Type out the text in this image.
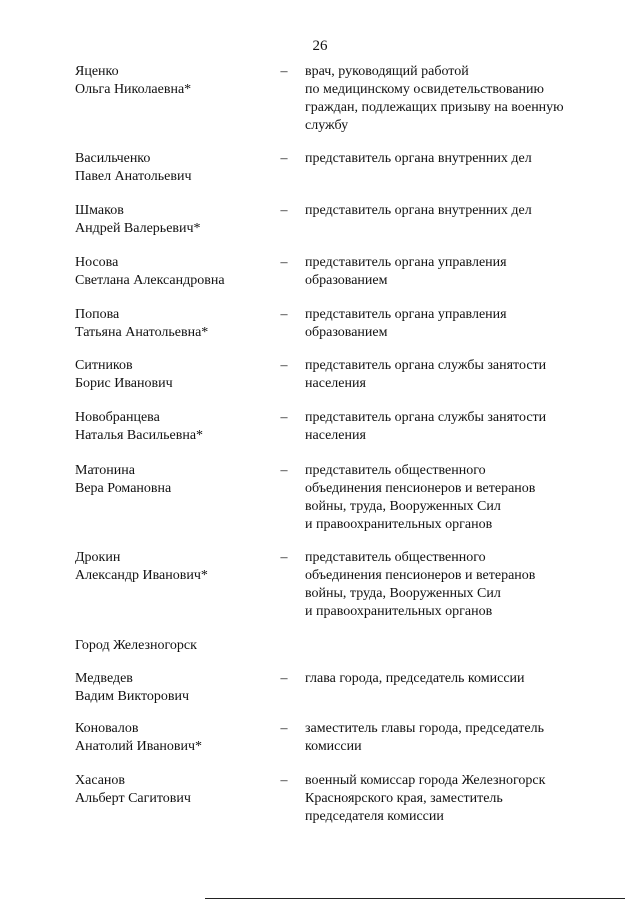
26
Яценко
Ольга Николаевна*
– врач, руководящий работой
по медицинскому освидетельствованию
граждан, подлежащих призыву на военную
службу
Васильченко
Павел Анатольевич
– представитель органа внутренних дел
Шмаков
Андрей Валерьевич*
– представитель органа внутренних дел
Носова
Светлана Александровна
– представитель органа управления
образованием
Попова
Татьяна Анатольевна*
– представитель органа управления
образованием
Ситников
Борис Иванович
– представитель органа службы занятости
населения
Новобранцева
Наталья Васильевна*
– представитель органа службы занятости
населения
Матонина
Вера Романовна
– представитель общественного
объединения пенсионеров и ветеранов
войны, труда, Вооруженных Сил
и правоохранительных органов
Дрокин
Александр Иванович*
– представитель общественного
объединения пенсионеров и ветеранов
войны, труда, Вооруженных Сил
и правоохранительных органов
Город Железногорск
Медведев
Вадим Викторович
– глава города, председатель комиссии
Коновалов
Анатолий Иванович*
– заместитель главы города, председатель
комиссии
Хасанов
Альберт Сагитович
– военный комиссар города Железногорск
Красноярского края, заместитель
председателя комиссии
